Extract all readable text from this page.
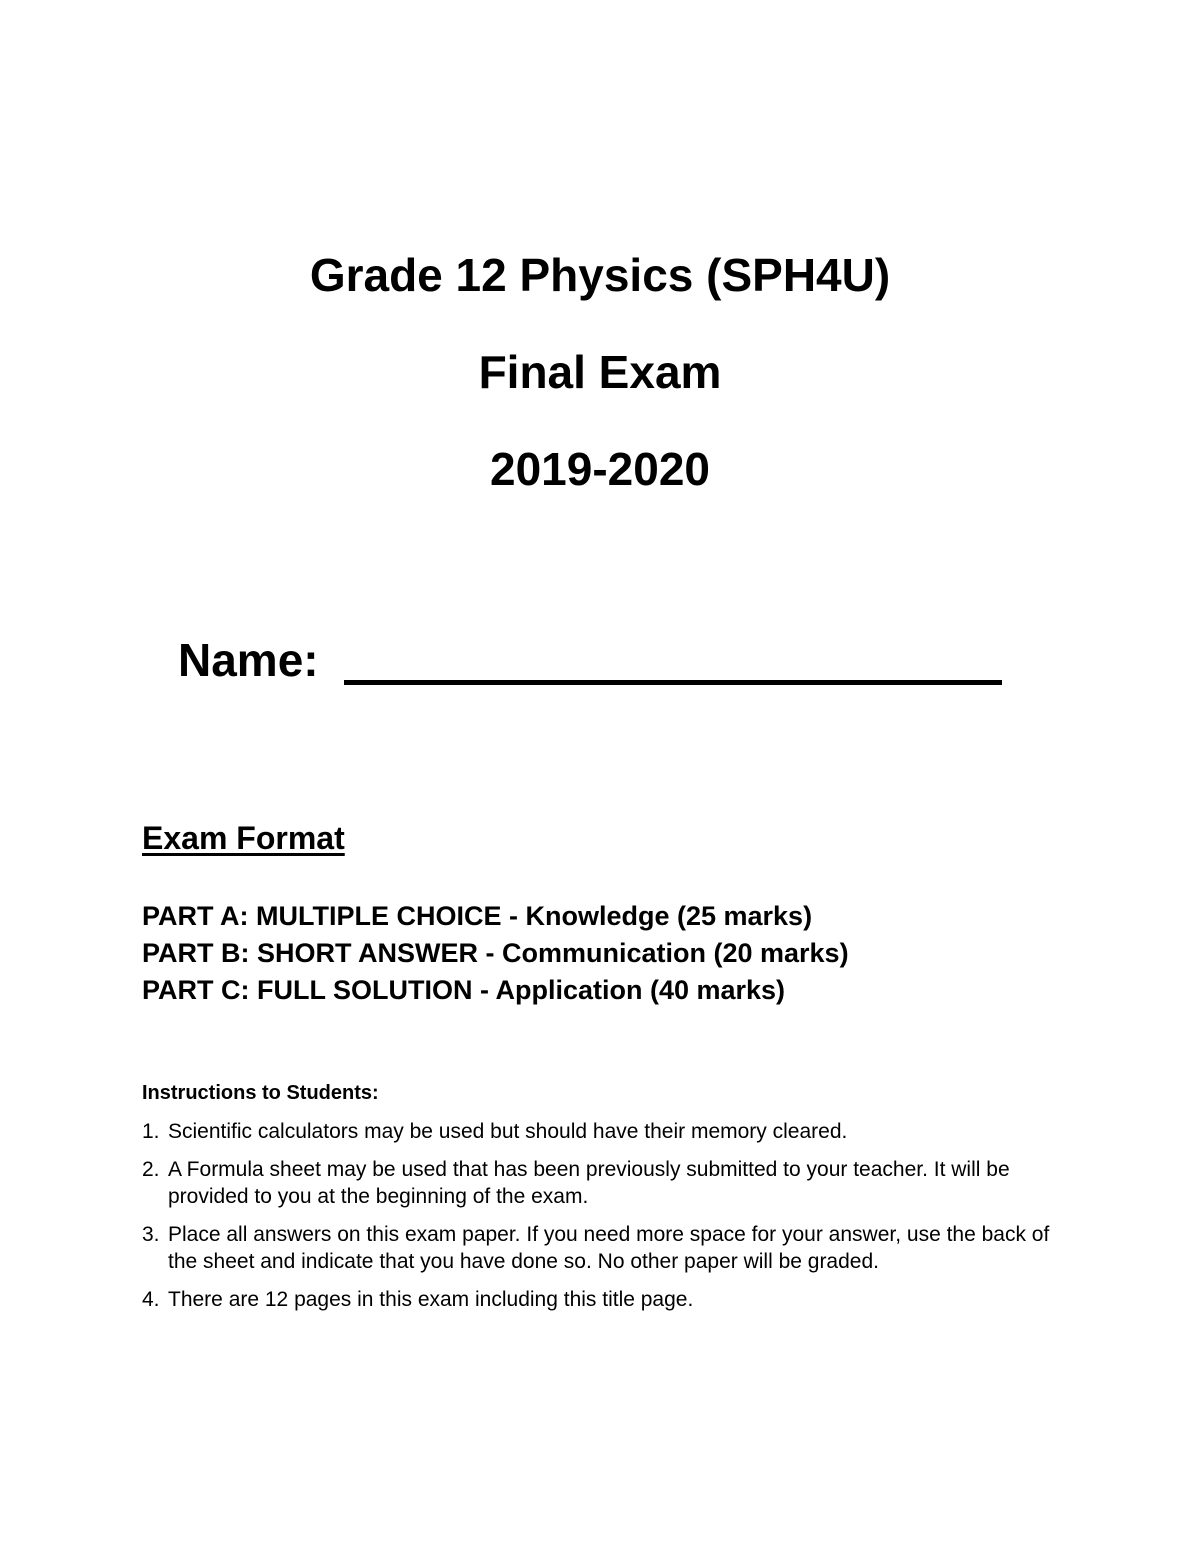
Grade 12 Physics (SPH4U)
Final Exam
2019-2020
Name:
Exam Format
PART A: MULTIPLE CHOICE - Knowledge (25 marks)
PART B: SHORT ANSWER - Communication (20 marks)
PART C: FULL SOLUTION - Application (40 marks)
Instructions to Students:
1. Scientific calculators may be used but should have their memory cleared.
2. A Formula sheet may be used that has been previously submitted to your teacher. It will be provided to you at the beginning of the exam.
3. Place all answers on this exam paper. If you need more space for your answer, use the back of the sheet and indicate that you have done so. No other paper will be graded.
4. There are 12 pages in this exam including this title page.
